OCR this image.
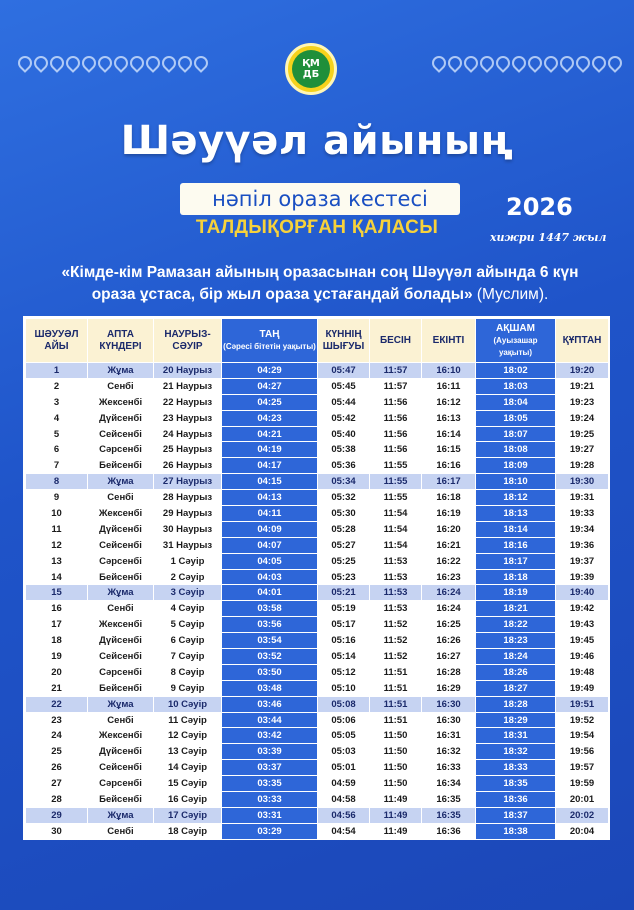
ҚМ
ДБ
Шәуүәл айының
нәпіл ораза кестесі
ТАЛДЫҚОРҒАН ҚАЛАСЫ
2026
хижри 1447 жыл
«Кімде-кім Рамазан айының оразасынан соң Шәуүәл айында 6 күн ораза ұстаса, бір жыл ораза ұстағандай болады» (Муслим).
ШӘУУӘЛ АЙЫ	АПТА КҮНДЕРІ	НАУРЫЗ-СӘУІР	ТАҢ
(Сәресі бітетін уақыты)	КҮННІҢ ШЫҒУЫ	БЕСІН	ЕКІНТІ	АҚШАМ
(Ауызашар уақыты)	ҚҰПТАН
1	Жұма	20 Наурыз	04:29	05:47	11:57	16:10	18:02	19:20
2	Сенбі	21 Наурыз	04:27	05:45	11:57	16:11	18:03	19:21
3	Жексенбі	22 Наурыз	04:25	05:44	11:56	16:12	18:04	19:23
4	Дүйсенбі	23 Наурыз	04:23	05:42	11:56	16:13	18:05	19:24
5	Сейсенбі	24 Наурыз	04:21	05:40	11:56	16:14	18:07	19:25
6	Сәрсенбі	25 Наурыз	04:19	05:38	11:56	16:15	18:08	19:27
7	Бейсенбі	26 Наурыз	04:17	05:36	11:55	16:16	18:09	19:28
8	Жұма	27 Наурыз	04:15	05:34	11:55	16:17	18:10	19:30
9	Сенбі	28 Наурыз	04:13	05:32	11:55	16:18	18:12	19:31
10	Жексенбі	29 Наурыз	04:11	05:30	11:54	16:19	18:13	19:33
11	Дүйсенбі	30 Наурыз	04:09	05:28	11:54	16:20	18:14	19:34
12	Сейсенбі	31 Наурыз	04:07	05:27	11:54	16:21	18:16	19:36
13	Сәрсенбі	1 Сәуір	04:05	05:25	11:53	16:22	18:17	19:37
14	Бейсенбі	2 Сәуір	04:03	05:23	11:53	16:23	18:18	19:39
15	Жұма	3 Сәуір	04:01	05:21	11:53	16:24	18:19	19:40
16	Сенбі	4 Сәуір	03:58	05:19	11:53	16:24	18:21	19:42
17	Жексенбі	5 Сәуір	03:56	05:17	11:52	16:25	18:22	19:43
18	Дүйсенбі	6 Сәуір	03:54	05:16	11:52	16:26	18:23	19:45
19	Сейсенбі	7 Сәуір	03:52	05:14	11:52	16:27	18:24	19:46
20	Сәрсенбі	8 Сәуір	03:50	05:12	11:51	16:28	18:26	19:48
21	Бейсенбі	9 Сәуір	03:48	05:10	11:51	16:29	18:27	19:49
22	Жұма	10 Сәуір	03:46	05:08	11:51	16:30	18:28	19:51
23	Сенбі	11 Сәуір	03:44	05:06	11:51	16:30	18:29	19:52
24	Жексенбі	12 Сәуір	03:42	05:05	11:50	16:31	18:31	19:54
25	Дүйсенбі	13 Сәуір	03:39	05:03	11:50	16:32	18:32	19:56
26	Сейсенбі	14 Сәуір	03:37	05:01	11:50	16:33	18:33	19:57
27	Сәрсенбі	15 Сәуір	03:35	04:59	11:50	16:34	18:35	19:59
28	Бейсенбі	16 Сәуір	03:33	04:58	11:49	16:35	18:36	20:01
29	Жұма	17 Сәуір	03:31	04:56	11:49	16:35	18:37	20:02
30	Сенбі	18 Сәуір	03:29	04:54	11:49	16:36	18:38	20:04
